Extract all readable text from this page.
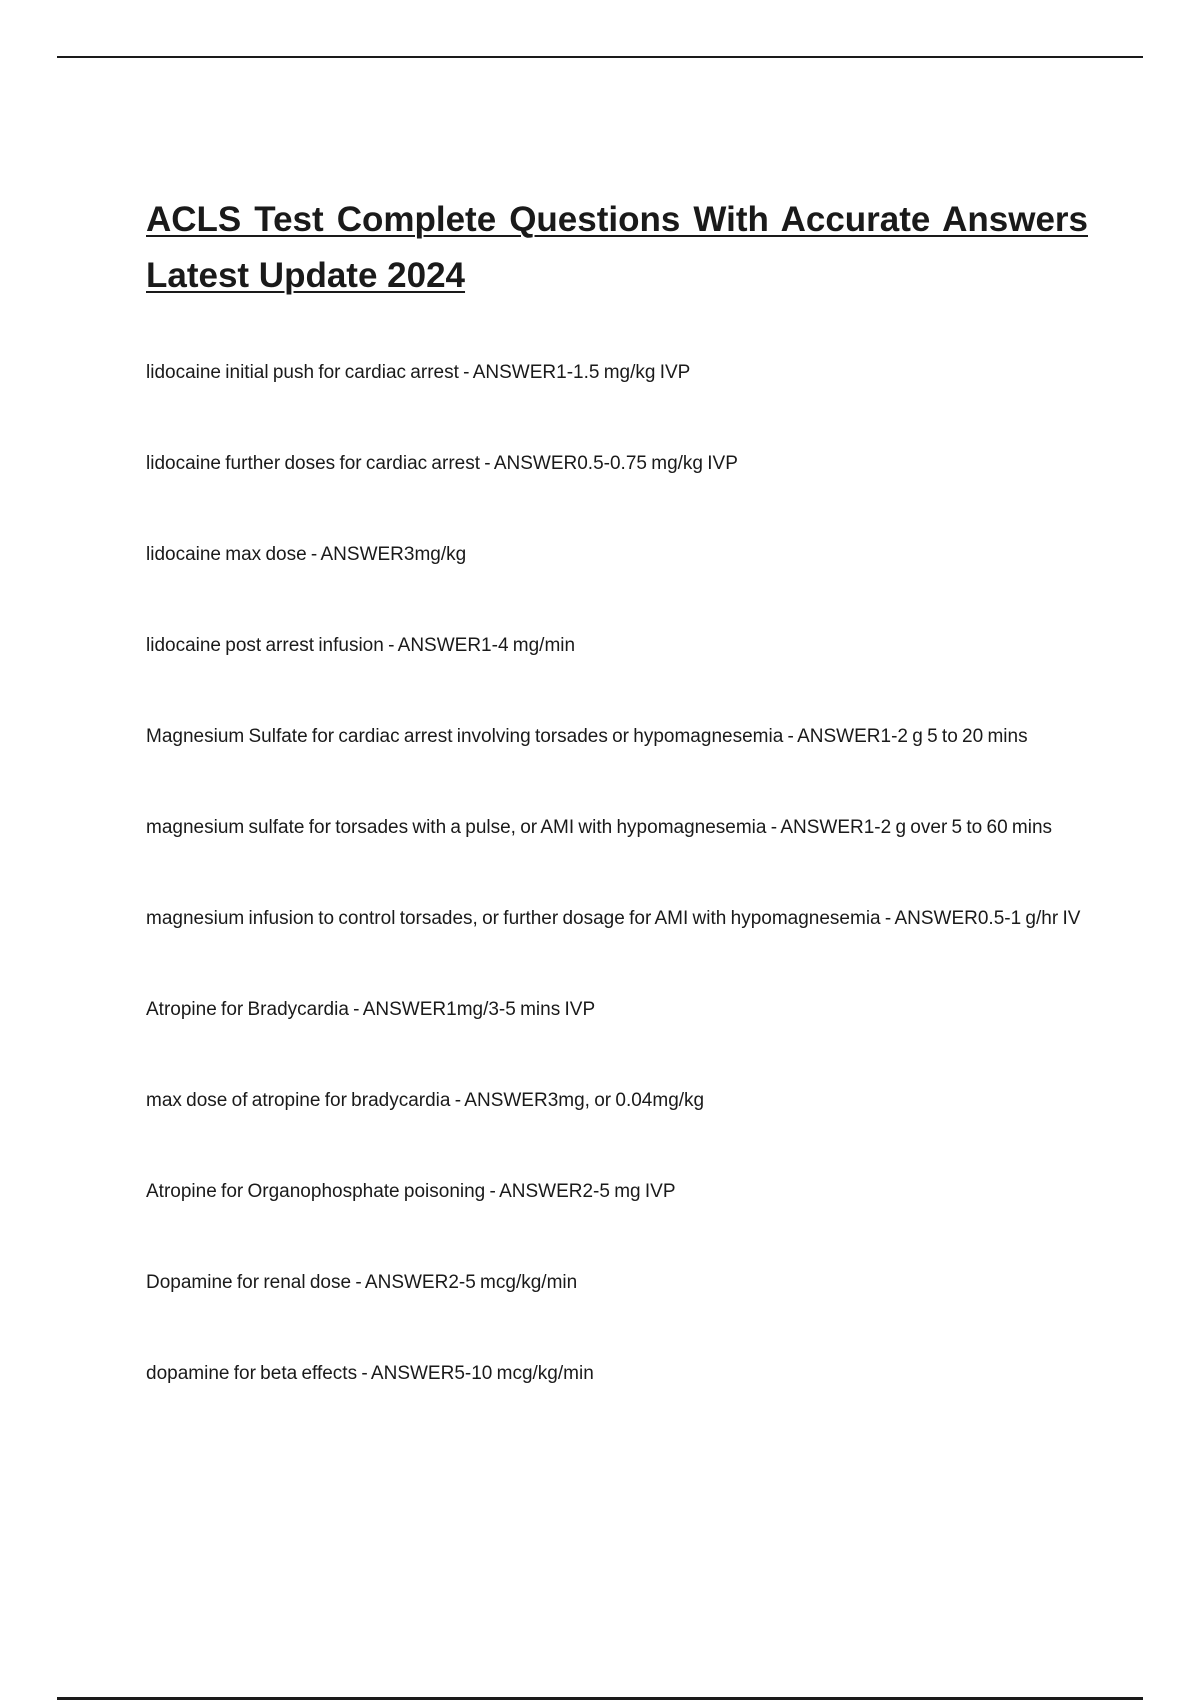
ACLS Test Complete Questions With Accurate Answers Latest Update 2024
lidocaine initial push for cardiac arrest - ANSWER1-1.5 mg/kg IVP
lidocaine further doses for cardiac arrest - ANSWER0.5-0.75 mg/kg IVP
lidocaine max dose - ANSWER3mg/kg
lidocaine post arrest infusion - ANSWER1-4 mg/min
Magnesium Sulfate for cardiac arrest involving torsades or hypomagnesemia - ANSWER1-2 g 5 to 20 mins
magnesium sulfate for torsades with a pulse, or AMI with hypomagnesemia - ANSWER1-2 g over 5 to 60 mins
magnesium infusion to control torsades, or further dosage for AMI with hypomagnesemia - ANSWER0.5-1 g/hr IV
Atropine for Bradycardia - ANSWER1mg/3-5 mins IVP
max dose of atropine for bradycardia - ANSWER3mg, or 0.04mg/kg
Atropine for Organophosphate poisoning - ANSWER2-5 mg IVP
Dopamine for renal dose - ANSWER2-5 mcg/kg/min
dopamine for beta effects - ANSWER5-10 mcg/kg/min
